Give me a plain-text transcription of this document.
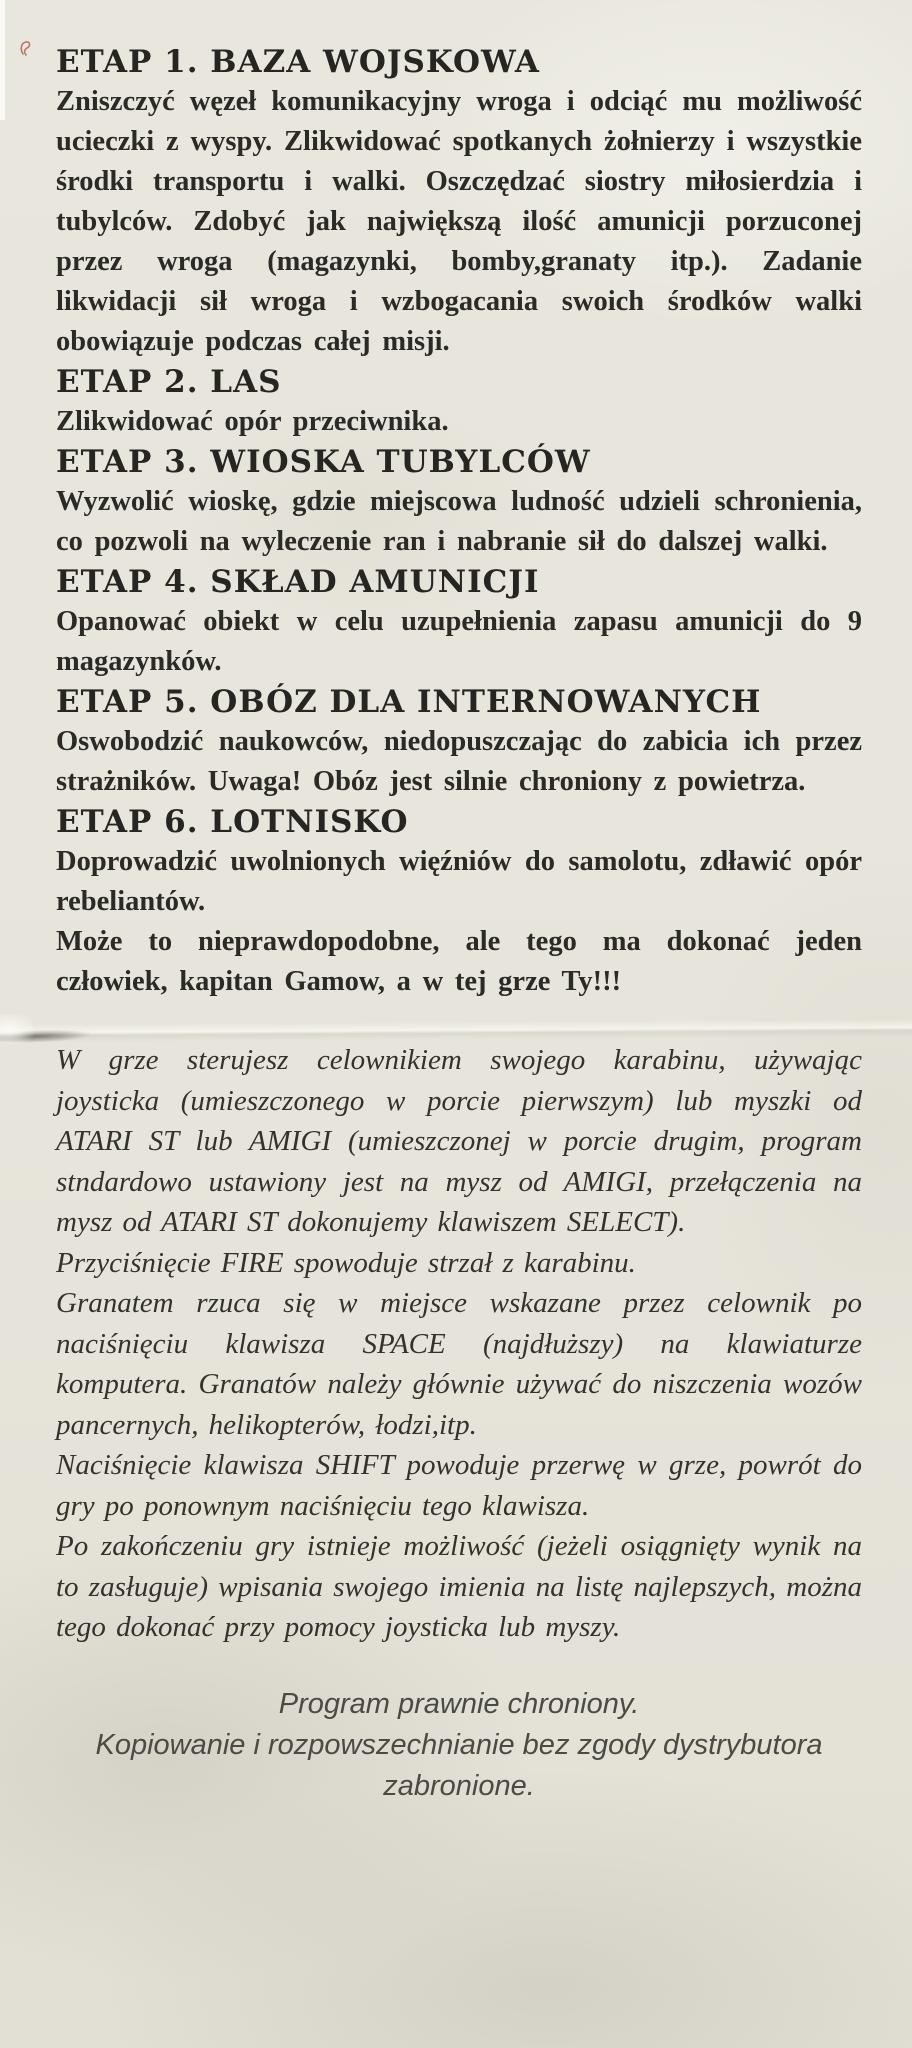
ETAP 1. BAZA WOJSKOWA

Zniszczyć węzeł komunikacyjny wroga i odciąć mu możliwość ucieczki z wyspy. Zlikwidować spotkanych żołnierzy i wszystkie środki transportu i walki. Oszczędzać siostry miłosierdzia i tubylców. Zdobyć jak największą ilość amunicji porzuconej przez wroga (magazynki, bomby,granaty itp.). Zadanie likwidacji sił wroga i wzbogacania swoich środków walki obowiązuje podczas całej misji.

ETAP 2. LAS

Zlikwidować opór przeciwnika.

ETAP 3. WIOSKA TUBYLCÓW

Wyzwolić wioskę, gdzie miejscowa ludność udzieli schronienia, co pozwoli na wyleczenie ran i nabranie sił do dalszej walki.

ETAP 4. SKŁAD AMUNICJI

Opanować obiekt w celu uzupełnienia zapasu amunicji do 9 magazynków.

ETAP 5. OBÓZ DLA INTERNOWANYCH

Oswobodzić naukowców, niedopuszczając do zabicia ich przez strażników. Uwaga! Obóz jest silnie chroniony z powietrza.

ETAP 6. LOTNISKO

Doprowadzić uwolnionych więźniów do samolotu, zdławić opór rebeliantów.

Może to nieprawdopodobne, ale tego ma dokonać jeden człowiek, kapitan Gamow, a w tej grze Ty!!!

W grze sterujesz celownikiem swojego karabinu, używając joysticka (umieszczonego w porcie pierwszym) lub myszki od ATARI ST lub AMIGI (umieszczonej w porcie drugim, program stndardowo ustawiony jest na mysz od AMIGI, przełączenia na mysz od ATARI ST dokonujemy klawiszem SELECT).

Przyciśnięcie FIRE spowoduje strzał z karabinu.

Granatem rzuca się w miejsce wskazane przez celownik po naciśnięciu klawisza SPACE (najdłuższy) na klawiaturze komputera. Granatów należy głównie używać do niszczenia wozów pancernych, helikopterów, łodzi,itp.

Naciśnięcie klawisza SHIFT powoduje przerwę w grze, powrót do gry po ponownym naciśnięciu tego klawisza.

Po zakończeniu gry istnieje możliwość (jeżeli osiągnięty wynik na to zasługuje) wpisania swojego imienia na listę najlepszych, można tego dokonać przy pomocy joysticka lub myszy.

Program prawnie chroniony.

Kopiowanie i rozpowszechnianie bez zgody dystrybutora zabronione.
